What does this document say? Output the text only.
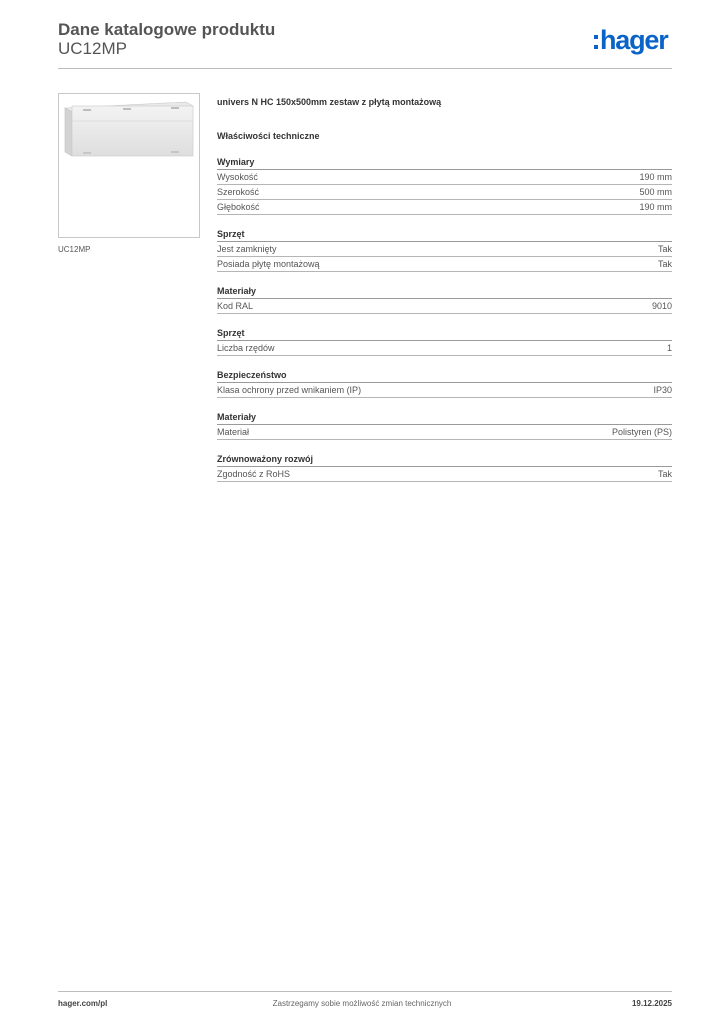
Dane katalogowe produktu
UC12MP	hager
UC12MP
univers N HC 150x500mm zestaw z płytą montażową
Właściwości techniczne
Wymiary
Wysokość	190 mm
Szerokość	500 mm
Głębokość	190 mm
Sprzęt
Jest zamknięty	Tak
Posiada płytę montażową	Tak
Materiały
Kod RAL	9010
Sprzęt
Liczba rzędów	1
Bezpieczeństwo
Klasa ochrony przed wnikaniem (IP)	IP30
Materiały
Materiał	Polistyren (PS)
Zrównoważony rozwój
Zgodność z RoHS	Tak
hager.com/pl	Zastrzegamy sobie możliwość zmian technicznych	19.12.2025
